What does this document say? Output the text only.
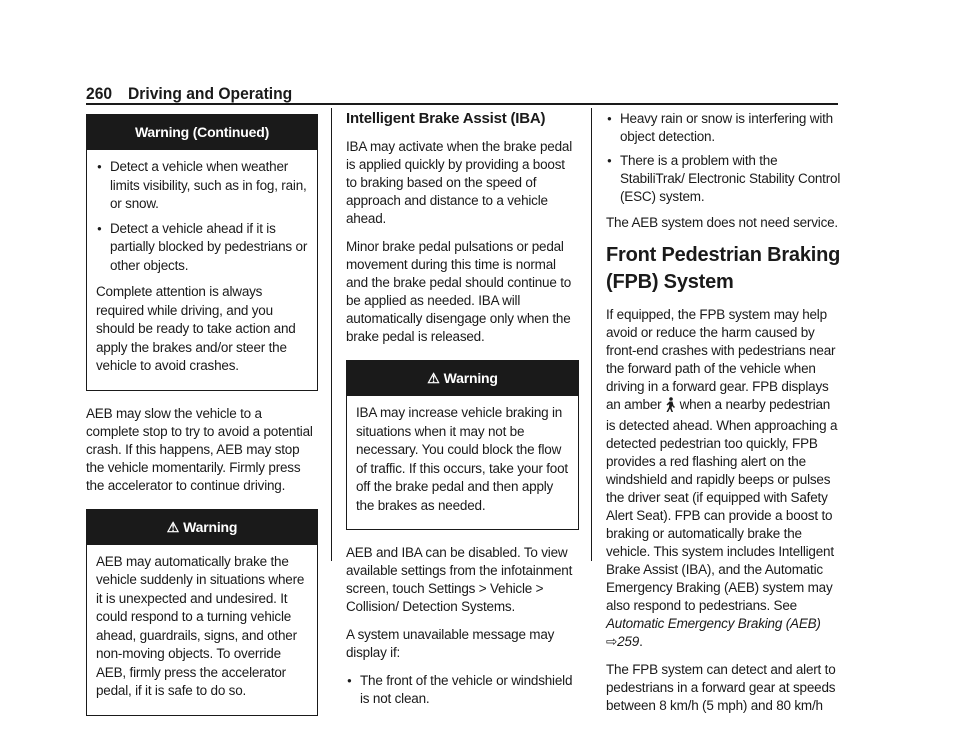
260 Driving and Operating
Warning (Continued)
● Detect a vehicle when weather limits visibility, such as in fog, rain, or snow.
● Detect a vehicle ahead if it is partially blocked by pedestrians or other objects.

Complete attention is always required while driving, and you should be ready to take action and apply the brakes and/or steer the vehicle to avoid crashes.

AEB may slow the vehicle to a complete stop to try to avoid a potential crash. If this happens, AEB may stop the vehicle momentarily. Firmly press the accelerator to continue driving.

⚠ Warning

AEB may automatically brake the vehicle suddenly in situations where it is unexpected and undesired. It could respond to a turning vehicle ahead, guardrails, signs, and other non-moving objects. To override AEB, firmly press the accelerator pedal, if it is safe to do so.

Intelligent Brake Assist (IBA)

IBA may activate when the brake pedal is applied quickly by providing a boost to braking based on the speed of approach and distance to a vehicle ahead.

Minor brake pedal pulsations or pedal movement during this time is normal and the brake pedal should continue to be applied as needed. IBA will automatically disengage only when the brake pedal is released.

⚠ Warning

IBA may increase vehicle braking in situations when it may not be necessary. You could block the flow of traffic. If this occurs, take your foot off the brake pedal and then apply the brakes as needed.

AEB and IBA can be disabled. To view available settings from the infotainment screen, touch Settings > Vehicle > Collision/ Detection Systems.

A system unavailable message may display if:

● The front of the vehicle or windshield is not clean.
● Heavy rain or snow is interfering with object detection.
● There is a problem with the StabiliTrak/ Electronic Stability Control (ESC) system.

The AEB system does not need service.

Front Pedestrian Braking (FPB) System

If equipped, the FPB system may help avoid or reduce the harm caused by front-end crashes with pedestrians near the forward path of the vehicle when driving in a forward gear. FPB displays an amber when a nearby pedestrian is detected ahead. When approaching a detected pedestrian too quickly, FPB provides a red flashing alert on the windshield and rapidly beeps or pulses the driver seat (if equipped with Safety Alert Seat). FPB can provide a boost to braking or automatically brake the vehicle. This system includes Intelligent Brake Assist (IBA), and the Automatic Emergency Braking (AEB) system may also respond to pedestrians. See Automatic Emergency Braking (AEB) ⇨259.

The FPB system can detect and alert to pedestrians in a forward gear at speeds between 8 km/h (5 mph) and 80 km/h
